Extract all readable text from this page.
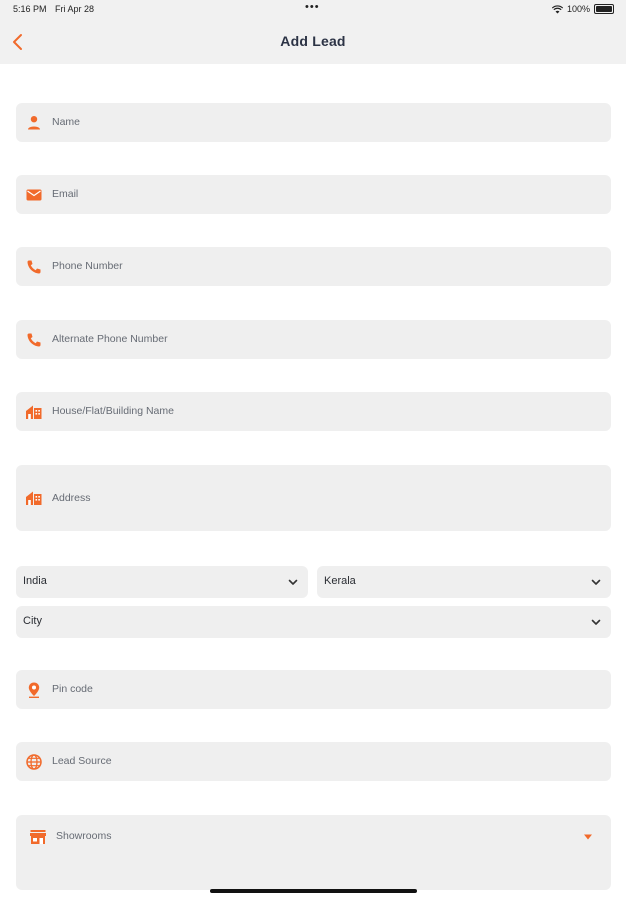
5:16 PM Fri Apr 28	•••	100%
Add Lead
Name
Email
Phone Number
Alternate Phone Number
House/Flat/Building Name
Address
India	Kerala
City
Pin code
Lead Source
Showrooms
